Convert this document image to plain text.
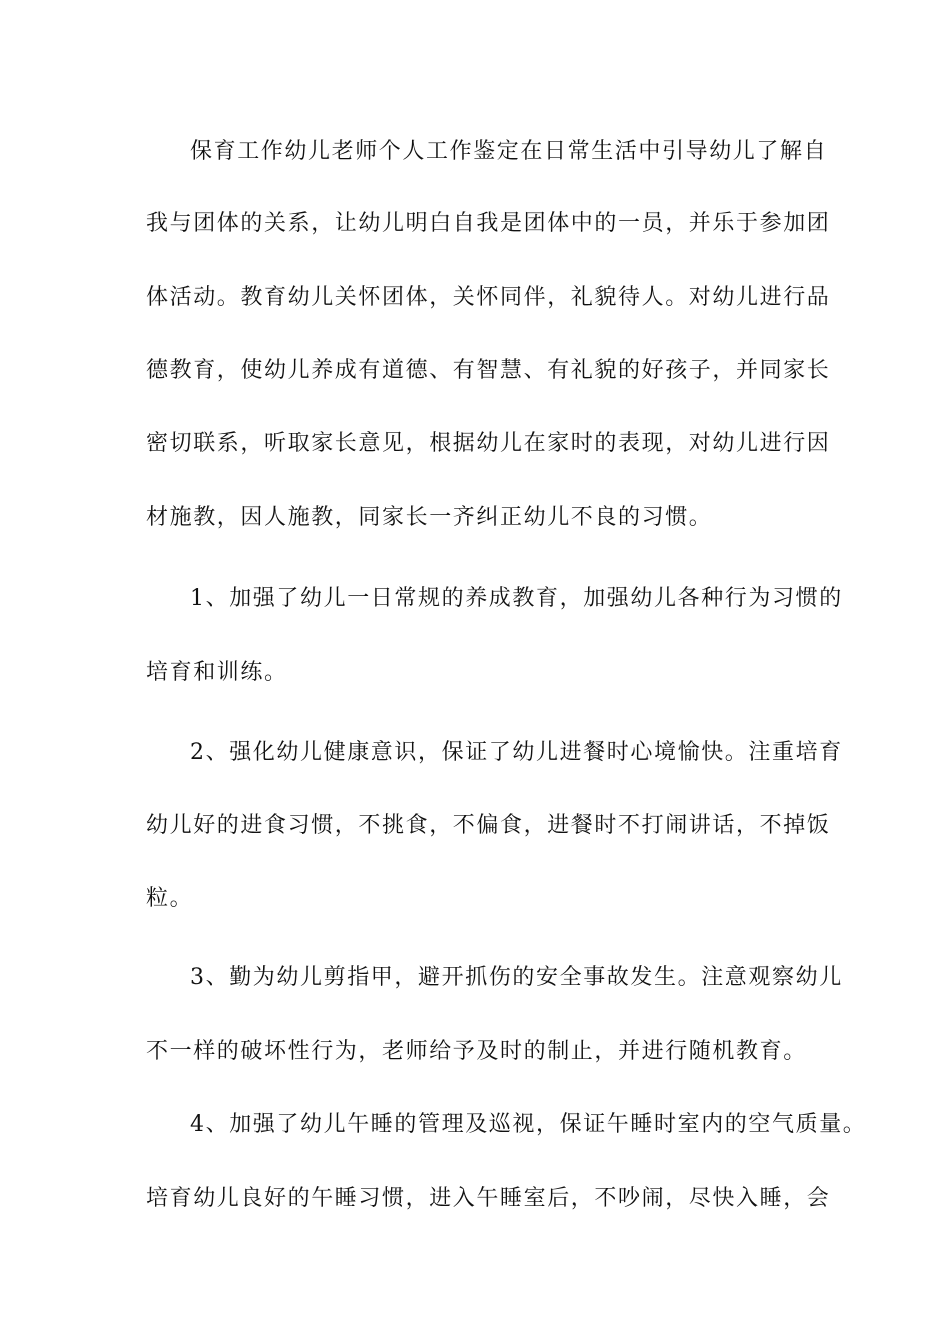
保育工作幼儿老师个人工作鉴定在日常生活中引导幼儿了解自
我与团体的关系，让幼儿明白自我是团体中的一员，并乐于参加团
体活动。教育幼儿关怀团体，关怀同伴，礼貌待人。对幼儿进行品
德教育，使幼儿养成有道德、有智慧、有礼貌的好孩子，并同家长
密切联系，听取家长意见，根据幼儿在家时的表现，对幼儿进行因
材施教，因人施教，同家长一齐纠正幼儿不良的习惯。
1、加强了幼儿一日常规的养成教育，加强幼儿各种行为习惯的
培育和训练。
2、强化幼儿健康意识，保证了幼儿进餐时心境愉快。注重培育
幼儿好的进食习惯，不挑食，不偏食，进餐时不打闹讲话，不掉饭
粒。
3、勤为幼儿剪指甲，避开抓伤的安全事故发生。注意观察幼儿
不一样的破坏性行为，老师给予及时的制止，并进行随机教育。
4、加强了幼儿午睡的管理及巡视，保证午睡时室内的空气质量。
培育幼儿良好的午睡习惯，进入午睡室后，不吵闹，尽快入睡，会
